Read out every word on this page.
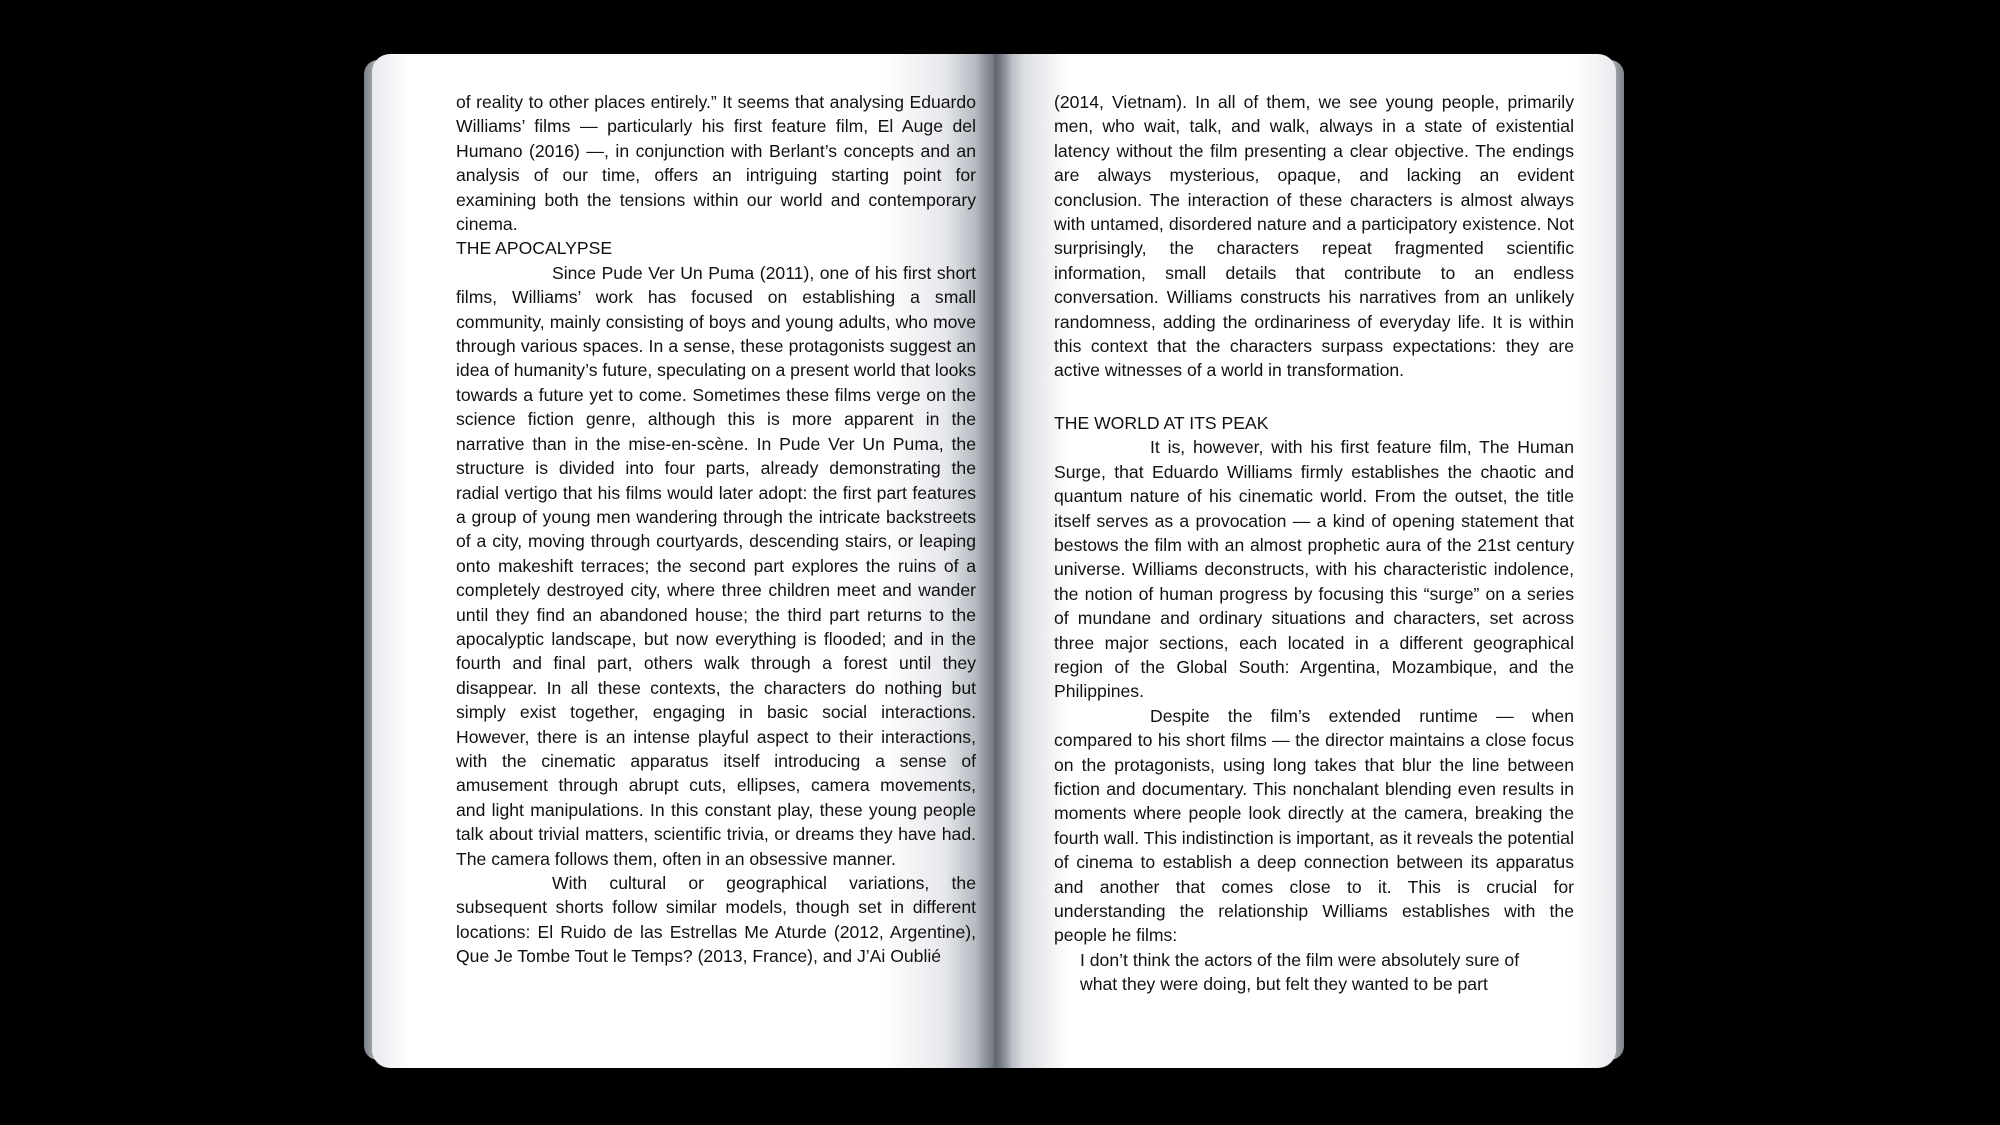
of reality to other places entirely.” It seems that analysing Eduardo Williams’ films — particularly his first feature film, El Auge del Humano (2016) —, in conjunction with Berlant’s concepts and an analysis of our time, offers an intriguing starting point for examining both the tensions within our world and contemporary cinema.

THE APOCALYPSE

Since Pude Ver Un Puma (2011), one of his first short films, Williams’ work has focused on establishing a small community, mainly consisting of boys and young adults, who move through various spaces. In a sense, these protagonists suggest an idea of humanity’s future, speculating on a present world that looks towards a future yet to come. Sometimes these films verge on the science fiction genre, although this is more apparent in the narrative than in the mise-en-scène. In Pude Ver Un Puma, the structure is divided into four parts, already demonstrating the radial vertigo that his films would later adopt: the first part features a group of young men wandering through the intricate backstreets of a city, moving through courtyards, descending stairs, or leaping onto makeshift terraces; the second part explores the ruins of a completely destroyed city, where three children meet and wander until they find an abandoned house; the third part returns to the apocalyptic landscape, but now everything is flooded; and in the fourth and final part, others walk through a forest until they disappear. In all these contexts, the characters do nothing but simply exist together, engaging in basic social interactions. However, there is an intense playful aspect to their interactions, with the cinematic apparatus itself introducing a sense of amusement through abrupt cuts, ellipses, camera movements, and light manipulations. In this constant play, these young people talk about trivial matters, scientific trivia, or dreams they have had. The camera follows them, often in an obsessive manner.

With cultural or geographical variations, the subsequent shorts follow similar models, though set in different locations: El Ruido de las Estrellas Me Aturde (2012, Argentine), Que Je Tombe Tout le Temps? (2013, France), and J’Ai Oublié

(2014, Vietnam). In all of them, we see young people, primarily men, who wait, talk, and walk, always in a state of existential latency without the film presenting a clear objective. The endings are always mysterious, opaque, and lacking an evident conclusion. The interaction of these characters is almost always with untamed, disordered nature and a participatory existence. Not surprisingly, the characters repeat fragmented scientific information, small details that contribute to an endless conversation. Williams constructs his narratives from an unlikely randomness, adding the ordinariness of everyday life. It is within this context that the characters surpass expectations: they are active witnesses of a world in transformation.

THE WORLD AT ITS PEAK

It is, however, with his first feature film, The Human Surge, that Eduardo Williams firmly establishes the chaotic and quantum nature of his cinematic world. From the outset, the title itself serves as a provocation — a kind of opening statement that bestows the film with an almost prophetic aura of the 21st century universe. Williams deconstructs, with his characteristic indolence, the notion of human progress by focusing this “surge” on a series of mundane and ordinary situations and characters, set across three major sections, each located in a different geographical region of the Global South: Argentina, Mozambique, and the Philippines.

Despite the film’s extended runtime — when compared to his short films — the director maintains a close focus on the protagonists, using long takes that blur the line between fiction and documentary. This nonchalant blending even results in moments where people look directly at the camera, breaking the fourth wall. This indistinction is important, as it reveals the potential of cinema to establish a deep connection between its apparatus and another that comes close to it. This is crucial for understanding the relationship Williams establishes with the people he films:

I don’t think the actors of the film were absolutely sure of what they were doing, but felt they wanted to be part
